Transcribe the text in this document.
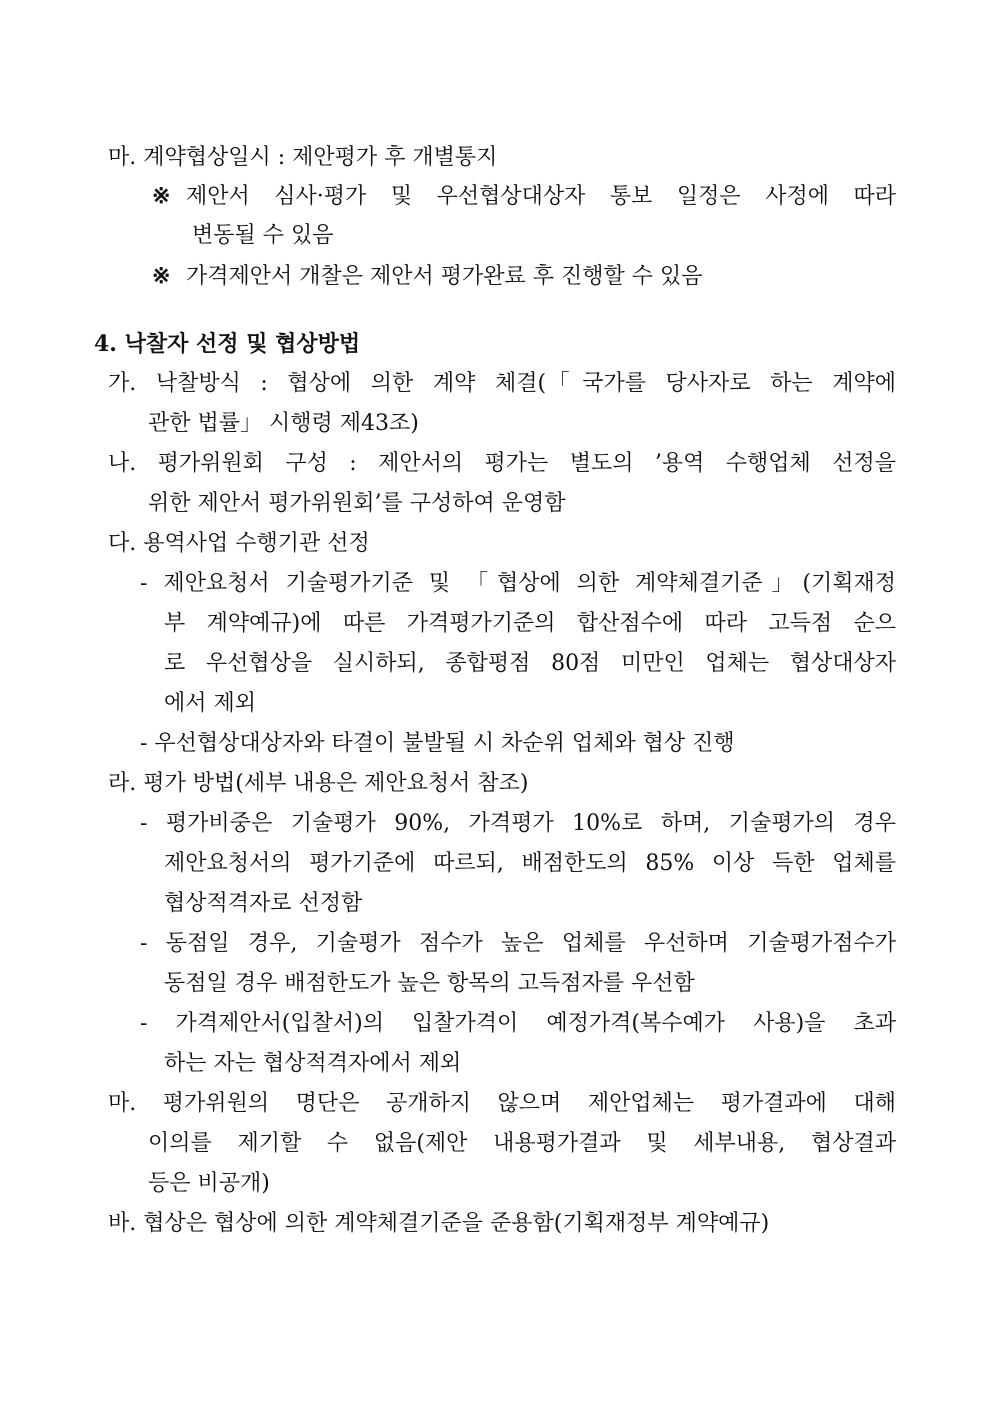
마. 계약협상일시 : 제안평가 후 개별통지
※ 제안서 심사·평가 및 우선협상대상자 통보 일정은 사정에 따라
변동될 수 있음
※ 가격제안서 개찰은 제안서 평가완료 후 진행할 수 있음
4. 낙찰자 선정 및 협상방법
가. 낙찰방식 : 협상에 의한 계약 체결(「국가를 당사자로 하는 계약에
관한 법률」 시행령 제43조)
나. 평가위원회 구성 : 제안서의 평가는 별도의 ’용역 수행업체 선정을
위한 제안서 평가위원회’를 구성하여 운영함
다. 용역사업 수행기관 선정
- 제안요청서 기술평가기준 및 「협상에 의한 계약체결기준」(기획재정
부 계약예규)에 따른 가격평가기준의 합산점수에 따라 고득점 순으
로 우선협상을 실시하되, 종합평점 80점 미만인 업체는 협상대상자
에서 제외
- 우선협상대상자와 타결이 불발될 시 차순위 업체와 협상 진행
라. 평가 방법(세부 내용은 제안요청서 참조)
- 평가비중은 기술평가 90%, 가격평가 10%로 하며, 기술평가의 경우
제안요청서의 평가기준에 따르되, 배점한도의 85% 이상 득한 업체를
협상적격자로 선정함
- 동점일 경우, 기술평가 점수가 높은 업체를 우선하며 기술평가점수가
동점일 경우 배점한도가 높은 항목의 고득점자를 우선함
- 가격제안서(입찰서)의 입찰가격이 예정가격(복수예가 사용)을 초과
하는 자는 협상적격자에서 제외
마. 평가위원의 명단은 공개하지 않으며 제안업체는 평가결과에 대해
이의를 제기할 수 없음(제안 내용평가결과 및 세부내용, 협상결과
등은 비공개)
바. 협상은 협상에 의한 계약체결기준을 준용함(기획재정부 계약예규)
